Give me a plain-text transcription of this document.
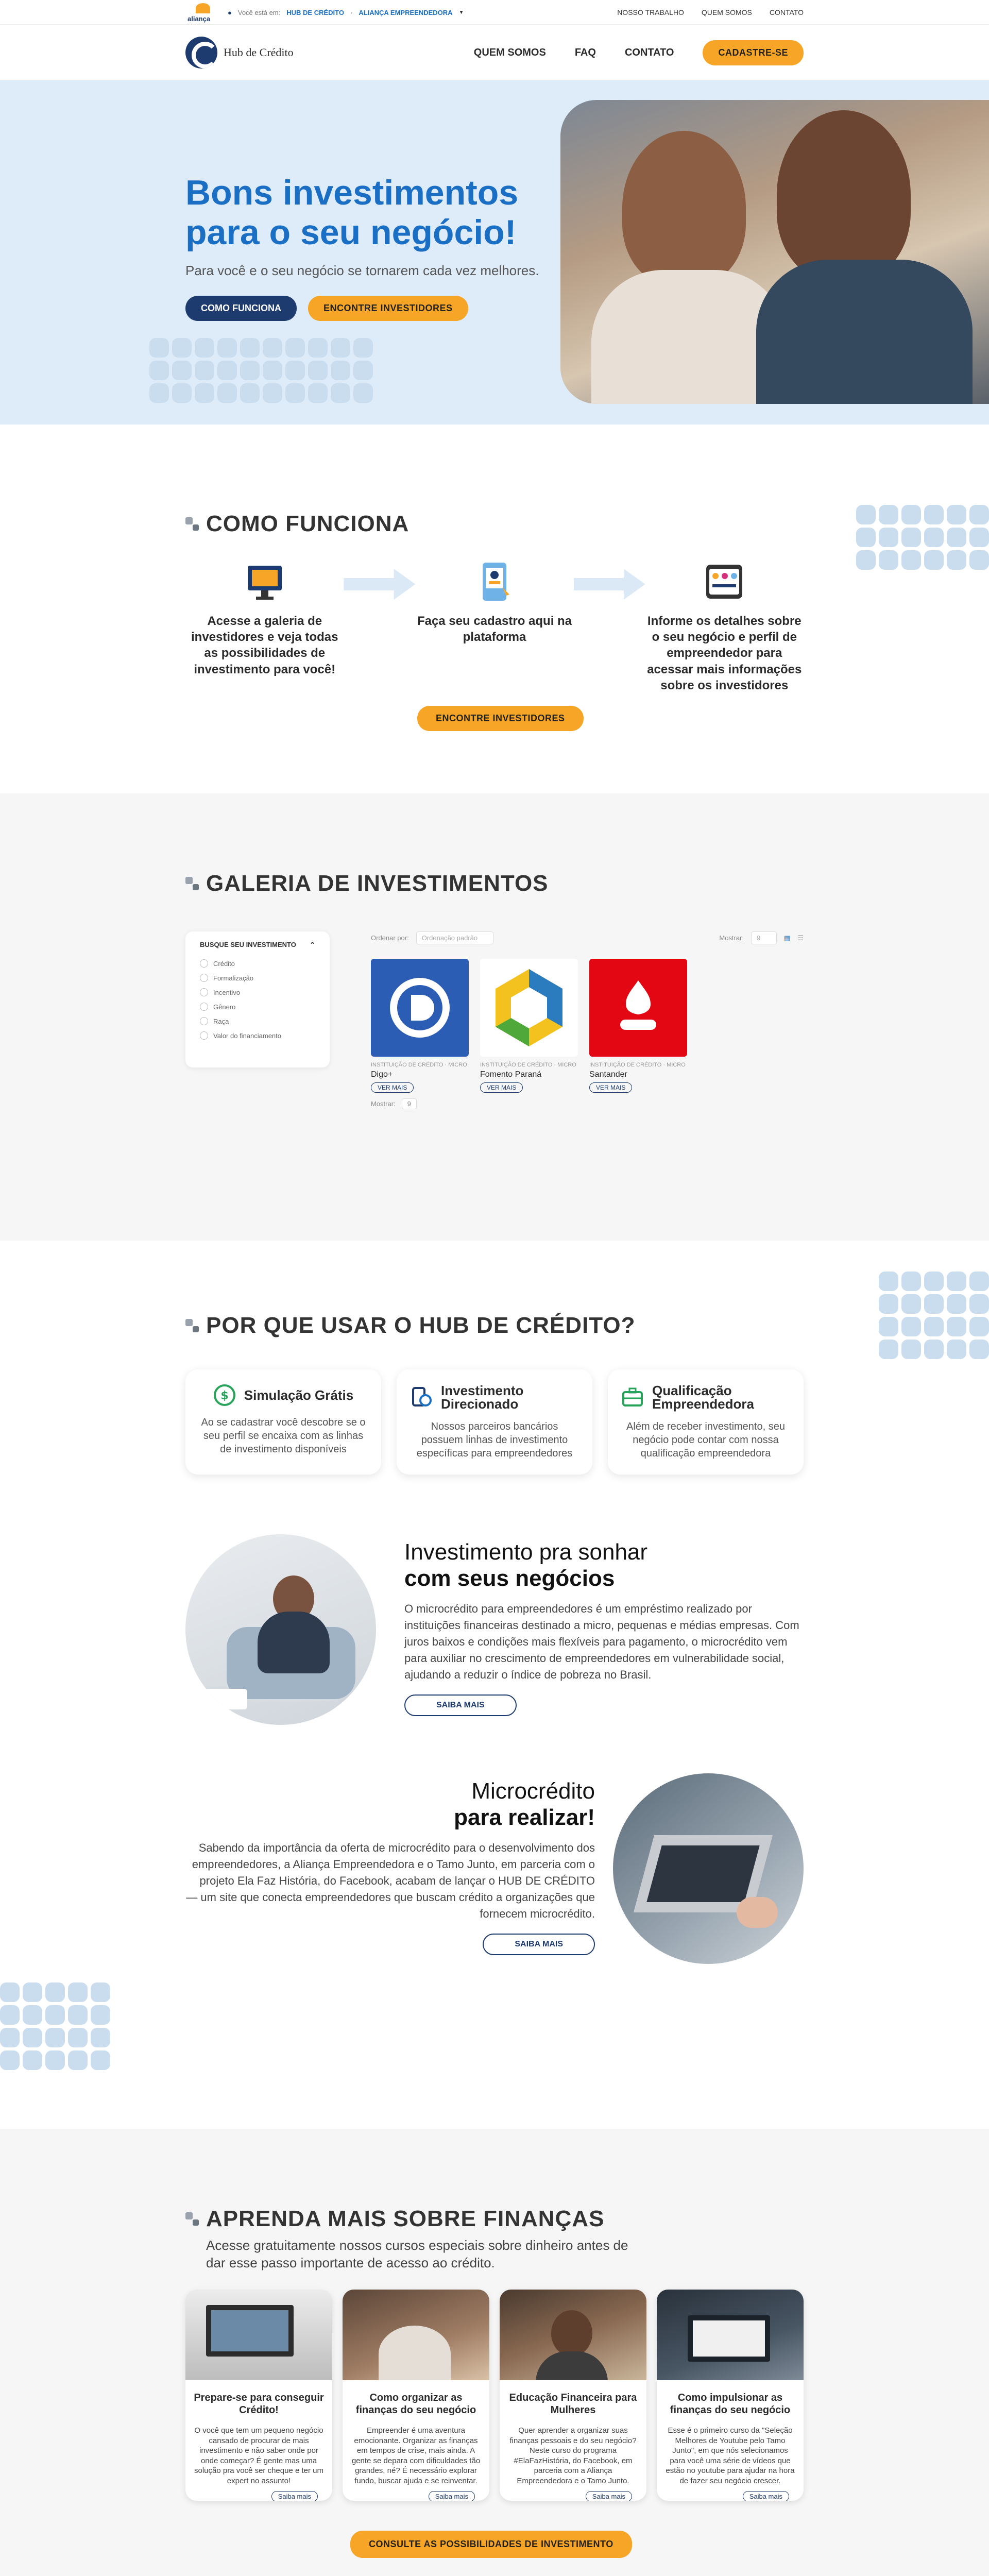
aliança
● Você está em: HUB DE CRÉDITO · ALIANÇA EMPREENDEDORA ▼	NOSSO TRABALHO QUEM SOMOS CONTATO
Hub de Crédito	QUEM SOMOS	FAQ	CONTATO	CADASTRE-SE
Bons investimentos para o seu negócio!

Para você e o seu negócio se tornarem cada vez melhores.

COMO FUNCIONA	ENCONTRE INVESTIDORES
COMO FUNCIONA
Acesse a galeria de investidores e veja todas as possibilidades de investimento para você!
Faça seu cadastro aqui na plataforma
Informe os detalhes sobre o seu negócio e perfil de empreendedor para acessar mais informações sobre os investidores
ENCONTRE INVESTIDORES
GALERIA DE INVESTIMENTOS
BUSQUE SEU INVESTIMENTO ⌃
Crédito
Formalização
Incentivo
Gênero
Raça
Valor do financiamento
Ordenar por:	Ordenação padrão	Mostrar:	9	▦ ☰
INSTITUIÇÃO DE CRÉDITO · MICRO
Digo+
VER MAIS
INSTITUIÇÃO DE CRÉDITO · MICRO
Fomento Paraná
VER MAIS
INSTITUIÇÃO DE CRÉDITO · MICRO
Santander
VER MAIS
Mostrar:	9
POR QUE USAR O HUB DE CRÉDITO?
$ Simulação Grátis

Ao se cadastrar você descobre se o seu perfil se encaixa com as linhas de investimento disponíveis

Investimento Direcionado

Nossos parceiros bancários possuem linhas de investimento específicas para empreendedores

Qualificação Empreendedora

Além de receber investimento, seu negócio pode contar com nossa qualificação empreendedora

Investimento pra sonhar
com seus negócios

O microcrédito para empreendedores é um empréstimo realizado por instituições financeiras destinado a micro, pequenas e médias empresas. Com juros baixos e condições mais flexíveis para pagamento, o microcrédito vem para auxiliar no crescimento de empreendedores em vulnerabilidade social, ajudando a reduzir o índice de pobreza no Brasil.

SAIBA MAIS
Microcrédito
para realizar!

Sabendo da importância da oferta de microcrédito para o desenvolvimento dos empreendedores, a Aliança Empreendedora e o Tamo Junto, em parceria com o projeto Ela Faz História, do Facebook, acabam de lançar o HUB DE CRÉDITO — um site que conecta empreendedores que buscam crédito a organizações que fornecem microcrédito.

SAIBA MAIS
APRENDA MAIS SOBRE FINANÇAS

Acesse gratuitamente nossos cursos especiais sobre dinheiro antes de dar esse passo importante de acesso ao crédito.

Prepare-se para conseguir Crédito!

O você que tem um pequeno negócio cansado de procurar de mais investimento e não saber onde por onde começar? É gente mas uma solução pra você ser cheque e ter um expert no assunto!

Saiba mais
Como organizar as finanças do seu negócio

Empreender é uma aventura emocionante. Organizar as finanças em tempos de crise, mais ainda. A gente se depara com dificuldades tão grandes, né? É necessário explorar fundo, buscar ajuda e se reinventar.

Saiba mais
Educação Financeira para Mulheres

Quer aprender a organizar suas finanças pessoais e do seu negócio? Neste curso do programa #ElaFazHistória, do Facebook, em parceria com a Aliança Empreendedora e o Tamo Junto.

Saiba mais
Como impulsionar as finanças do seu negócio

Esse é o primeiro curso da "Seleção Melhores de Youtube pelo Tamo Junto", em que nós selecionamos para você uma série de vídeos que estão no youtube para ajudar na hora de fazer seu negócio crescer.

Saiba mais
CONSULTE AS POSSIBILIDADES DE INVESTIMENTO
